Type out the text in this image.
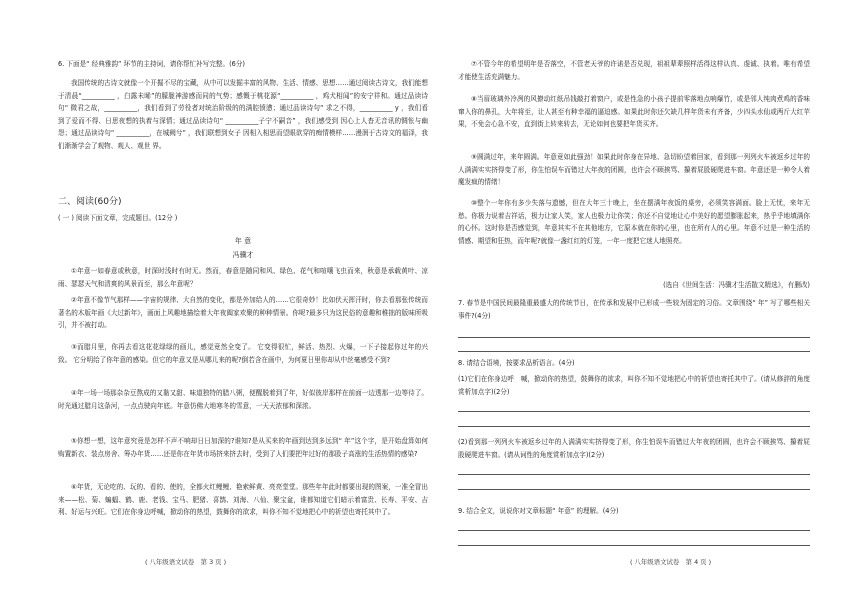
6. 下面是“ 经典雅韵” 环节的主持词，请你帮忙补写完整。(6分)
我国传统的古诗文就像一个开掘不尽的宝藏，从中可以发掘丰富的风物、生活、情感、思想……通过阅读古诗文，我们能想于清晨“__________ ，白露未晞”的朦胧神游感而同的气势；感慨于桃花源“__________ ，鸡犬相闻”的安宁祥和。通过品读诗句“ 微君之故，__________，我们看到了劳役者对统治阶级的的满腔愤懑；通过品读诗句“ 求之不得，__________ y ，我们看 到了爱而不得、日思夜想的执着与深情；通过品读诗句“ __________子宁不嗣音” ，我们感受到 因心上人杳无音讯的惆怅与幽怨；通过品读诗句“ __________，在城阙兮” ，我们联想到女子 因相入相思而望眼欲穿的痴情模样……漫润于古诗文的福泽，我们渐渐学会了观物、观人、观世 界。
二、阅读(60分)
( 一 ) 阅读下面文章，完成题目。(12分 )
年 意
冯骥才
①年意一如春意或秋意，时深时浅时有时无。然而，春意是随同和风、绿色、花气和喧嚷飞虫而来，秋意是承载黄叶、凉雨、瑟瑟天气和清爽的风景而至，那么年意呢？
②年意不像节气那样——宇宙的规律、大自然的变化，都是外加给人的……它很奇妙！比如伏天挥汗时，你去看那张传统而著名的木版年画《大过新年》，画面上风趣地描绘着大年夜阖家欢聚的种种情景。你呢?最多只为这民俗的意趣和稚拙的版味所吸引，并不被打动。
③而腊月里，你再去看这花花绿绿的画儿，感觉竟然全变了。 它变得很忙，鲜活、热烈、火爆，一下子接起你过年的兴致。 它分明给了你年意的感染。但它的年意又是从哪儿来的呢?倒若含在画中，为何夏日里你却从中丝毫感受不到?
④年一场一场那杂杂豆熬成的又黏又甜、味道独特的腊八粥，便醒脱着到了年，好似彼岸那样在前面一边透那一边等待了。时光通过腊月这条河，一点点驶向年底。年意仿佛大地寒冬的雪意，一天天浓郁和深浓。
⑤你想一想，这年意究竟是怎样不声不响却日日加深的?谁知?是从买来的年画到达到多远到“ 年”这个字，是开始盘算如何购置新衣、装点房舍、筹办年货……还是你在年货市场挤来挤去时，受到了人们要把年过好的那股子高涨的生活热情的感染?
⑥年货，无论吃的、玩的、看的、使的，全都火红鲤鲤、艳索鲜黄、亮亮堂堂。那些年年此时都要出现的图案，一准全冒出来——松、菊、蝙蝠、鹤、鹿、老钱、宝马、肥猪、喜鹊、刘海、八仙、聚宝盆，谁都知道它们暗示着富贵、长寿、平安、吉利、好运与兴旺。它们在你身边呼喊，掀动你的热望，鼓舞你的欲求，叫你不知不觉地把心中的祈望也寄托其中了。
( 八年级语文试卷　第 3 页 )
⑦不管今年的希望明年是否落空，不管老天爷的许诺是否兑现，祖祖辈辈照样活得这样认真、虔诚、执着。唯有希望才能使生活充满魅力。
⑧当眉玻璃外冷冽的风撩动红纸吊钱敲打着窗户，或是性急的小孩子提前零落地点响爆竹，或是邻人纯肉煮鸡的香味窜入你的鼻孔，大年将至，让人甚至有种幸福的逼迫感。如果此时你还欠缺几样年货未有齐备，少四头水仙或两斤大红苹果，不免会心急不安，直到街上转来转去，无论如何也要把年货买齐。
⑨圆满过年，来年圆满。年意竟如此强劲！如果此时你身在异地、急切盼望着回家，看到那一列列火车被返乡过年的人满满实实挤得变了形，你生怕误车而错过大年夜的团圆，也许会不顾挨骂、攥着屁股硬爬进车窗。年意还是一种令人着魔发疯的情绪！
⑩整个一年你有多少失落与遗憾，但在大年三十晚上，坐在摆满年夜饭的桌旁，必须笑容满面。脸上无忧，来年无愁。你极力说着吉祥话，极力让家人笑，家人也极力让你笑；你还不自觉地让心中美好的愿望膨胀起来，热乎乎地填满你的心怀。这时你是否感觉到，年意其实不在其他地方，它原本就在你的心里，也在所有人的心里。年意不过是一种生活的情感、期望和狂热，而年呢?就像一盏红红的灯笼，一年一度把它迷人地照亮。
(选自《世间生活：冯骥才生活散文精选》，有删改)
7. 春节是中国民间最隆重最盛大的传统节日，在传承和发展中已形成一些较为固定的习俗。文章围绕“ 年” 写了哪些相关事件?(4分)
8. 请结合语境，按要求品析语言。(4分)
(1)它们在你身边呼　喊，掀动你的热望，鼓舞你的欲求，叫你不知不觉地把心中的祈望也寄托其中了。(请从修辞的角度赏析加点字)(2分)
(2)看到那一列列火车被返乡过年的人满满实实挤得变了形，你生怕误车而错过大年夜的团圆，也许会不顾挨骂、攥着屁股硬爬进车窗。(请从词性的角度赏析加点字)(2分)
9. 结合全文，说说你对文章标题“ 年意” 的理解。(4分)
( 八年级语文试卷　第 4 页 )
